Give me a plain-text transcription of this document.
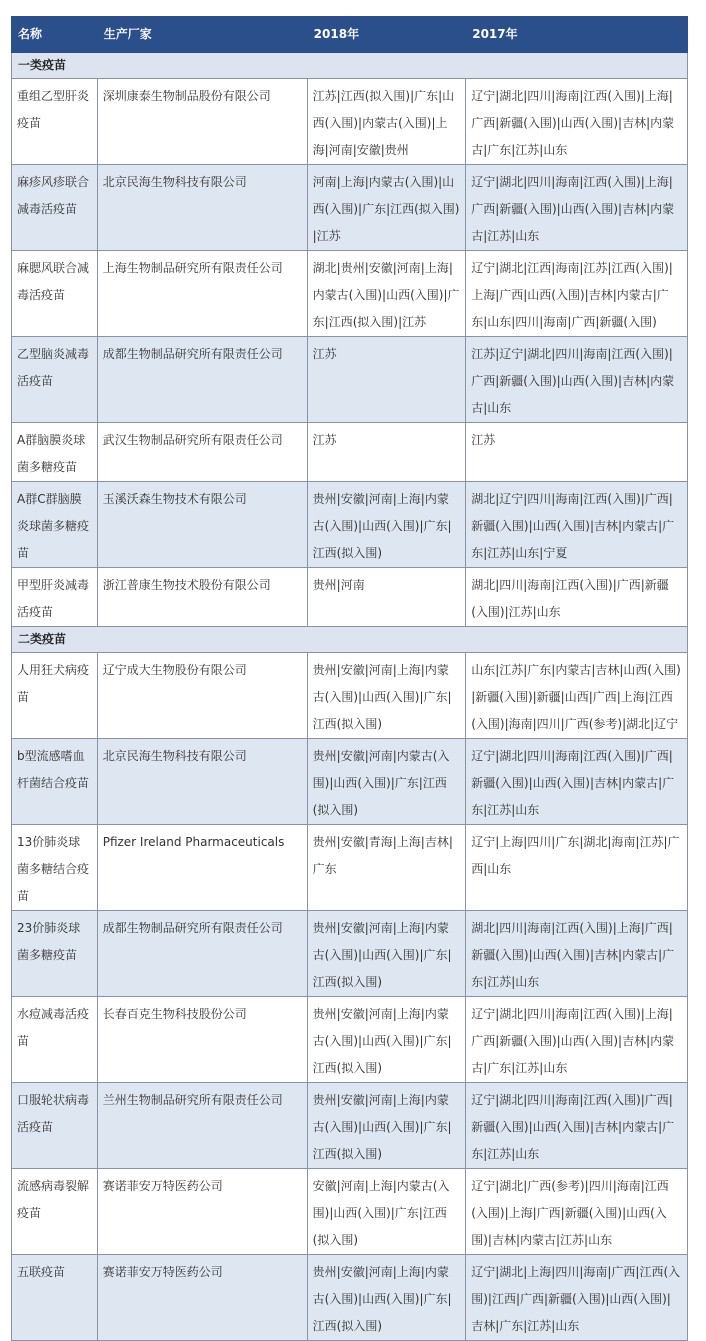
名称	生产厂家	2018年	2017年
一类疫苗			
重组乙型肝炎疫苗	深圳康泰生物制品股份有限公司	江苏|江西(拟入围)|广东|山西(入围)|内蒙古(入围)|上海|河南|安徽|贵州	辽宁|湖北|四川|海南|江西(入围)|上海|广西|新疆(入围)|山西(入围)|吉林|内蒙古|广东|江苏|山东
麻疹风疹联合减毒活疫苗	北京民海生物科技有限公司	河南|上海|内蒙古(入围)|山西(入围)|广东|江西(拟入围)|江苏	辽宁|湖北|四川|海南|江西(入围)|上海|广西|新疆(入围)|山西(入围)|吉林|内蒙古|江苏|山东
麻腮风联合减毒活疫苗	上海生物制品研究所有限责任公司	湖北|贵州|安徽|河南|上海|内蒙古(入围)|山西(入围)|广东|江西(拟入围)|江苏	辽宁|湖北|江西|海南|江苏|江西(入围)|上海|广西|山西(入围)|吉林|内蒙古|广东|山东|四川|海南|广西|新疆(入围)
乙型脑炎减毒活疫苗	成都生物制品研究所有限责任公司	江苏	江苏|辽宁|湖北|四川|海南|江西(入围)|广西|新疆(入围)|山西(入围)|吉林|内蒙古|山东
A群脑膜炎球菌多糖疫苗	武汉生物制品研究所有限责任公司	江苏	江苏
A群C群脑膜炎球菌多糖疫苗	玉溪沃森生物技术有限公司	贵州|安徽|河南|上海|内蒙古(入围)|山西(入围)|广东|江西(拟入围)	湖北|辽宁|四川|海南|江西(入围)|广西|新疆(入围)|山西(入围)|吉林|内蒙古|广东|江苏|山东|宁夏
甲型肝炎减毒活疫苗	浙江普康生物技术股份有限公司	贵州|河南	湖北|四川|海南|江西(入围)|广西|新疆(入围)|江苏|山东
二类疫苗			
人用狂犬病疫苗	辽宁成大生物股份有限公司	贵州|安徽|河南|上海|内蒙古(入围)|山西(入围)|广东|江西(拟入围)	山东|江苏|广东|内蒙古|吉林|山西(入围)|新疆(入围)|新疆|山西|广西|上海|江西(入围)|海南|四川|广西(参考)|湖北|辽宁
b型流感嗜血杆菌结合疫苗	北京民海生物科技有限公司	贵州|安徽|河南|内蒙古(入围)|山西(入围)|广东|江西(拟入围)	辽宁|湖北|四川|海南|江西(入围)|广西|新疆(入围)|山西(入围)|吉林|内蒙古|广东|江苏|山东
13价肺炎球菌多糖结合疫苗	Pfizer Ireland Pharmaceuticals	贵州|安徽|青海|上海|吉林|广东	辽宁|上海|四川|广东|湖北|海南|江苏|广西|山东
23价肺炎球菌多糖疫苗	成都生物制品研究所有限责任公司	贵州|安徽|河南|上海|内蒙古(入围)|山西(入围)|广东|江西(拟入围)	湖北|四川|海南|江西(入围)|上海|广西|新疆(入围)|山西(入围)|吉林|内蒙古|广东|江苏|山东
水痘减毒活疫苗	长春百克生物科技股份公司	贵州|安徽|河南|上海|内蒙古(入围)|山西(入围)|广东|江西(拟入围)	辽宁|湖北|四川|海南|江西(入围)|上海|广西|新疆(入围)|山西(入围)|吉林|内蒙古|广东|江苏|山东
口服轮状病毒活疫苗	兰州生物制品研究所有限责任公司	贵州|安徽|河南|上海|内蒙古(入围)|山西(入围)|广东|江西(拟入围)	辽宁|湖北|四川|海南|江西(入围)|广西|新疆(入围)|山西(入围)|吉林|内蒙古|广东|江苏|山东
流感病毒裂解疫苗	赛诺菲安万特医药公司	安徽|河南|上海|内蒙古(入围)|山西(入围)|广东|江西(拟入围)	辽宁|湖北|广西(参考)|四川|海南|江西(入围)|上海|广西|新疆(入围)|山西(入围)|吉林|内蒙古|江苏|山东
五联疫苗	赛诺菲安万特医药公司	贵州|安徽|河南|上海|内蒙古(入围)|山西(入围)|广东|江西(拟入围)	辽宁|湖北|上海|四川|海南|广西|江西(入围)|江西|广西|新疆(入围)|山西(入围)|吉林|广东|江苏|山东
